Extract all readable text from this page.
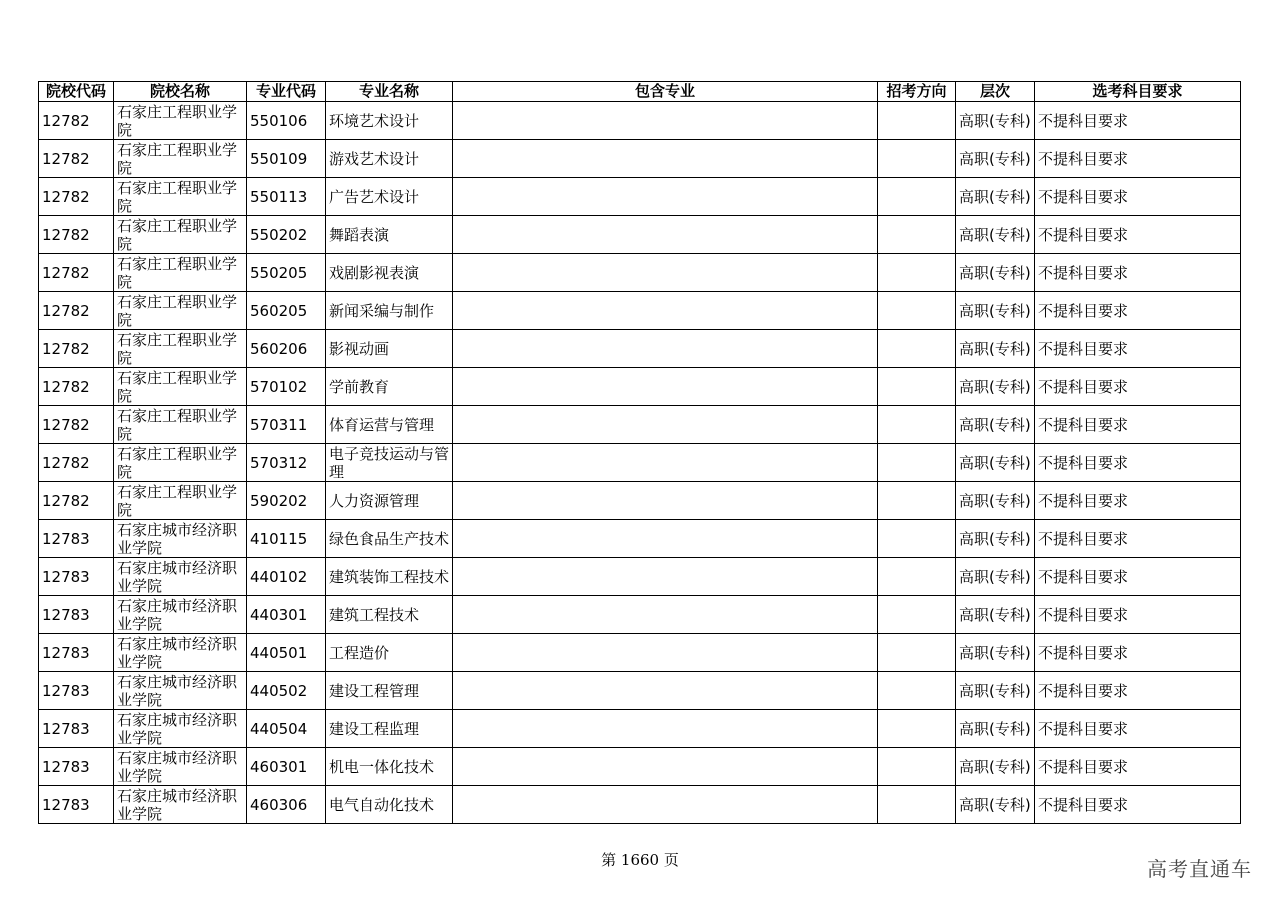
院校代码	院校名称	专业代码	专业名称	包含专业	招考方向	层次	选考科目要求
12782	石家庄工程职业学院	550106	环境艺术设计			高职(专科)	不提科目要求
12782	石家庄工程职业学院	550109	游戏艺术设计			高职(专科)	不提科目要求
12782	石家庄工程职业学院	550113	广告艺术设计			高职(专科)	不提科目要求
12782	石家庄工程职业学院	550202	舞蹈表演			高职(专科)	不提科目要求
12782	石家庄工程职业学院	550205	戏剧影视表演			高职(专科)	不提科目要求
12782	石家庄工程职业学院	560205	新闻采编与制作			高职(专科)	不提科目要求
12782	石家庄工程职业学院	560206	影视动画			高职(专科)	不提科目要求
12782	石家庄工程职业学院	570102	学前教育			高职(专科)	不提科目要求
12782	石家庄工程职业学院	570311	体育运营与管理			高职(专科)	不提科目要求
12782	石家庄工程职业学院	570312	电子竞技运动与管理			高职(专科)	不提科目要求
12782	石家庄工程职业学院	590202	人力资源管理			高职(专科)	不提科目要求
12783	石家庄城市经济职业学院	410115	绿色食品生产技术			高职(专科)	不提科目要求
12783	石家庄城市经济职业学院	440102	建筑装饰工程技术			高职(专科)	不提科目要求
12783	石家庄城市经济职业学院	440301	建筑工程技术			高职(专科)	不提科目要求
12783	石家庄城市经济职业学院	440501	工程造价			高职(专科)	不提科目要求
12783	石家庄城市经济职业学院	440502	建设工程管理			高职(专科)	不提科目要求
12783	石家庄城市经济职业学院	440504	建设工程监理			高职(专科)	不提科目要求
12783	石家庄城市经济职业学院	460301	机电一体化技术			高职(专科)	不提科目要求
12783	石家庄城市经济职业学院	460306	电气自动化技术			高职(专科)	不提科目要求
第 1660 页	高考直通车
